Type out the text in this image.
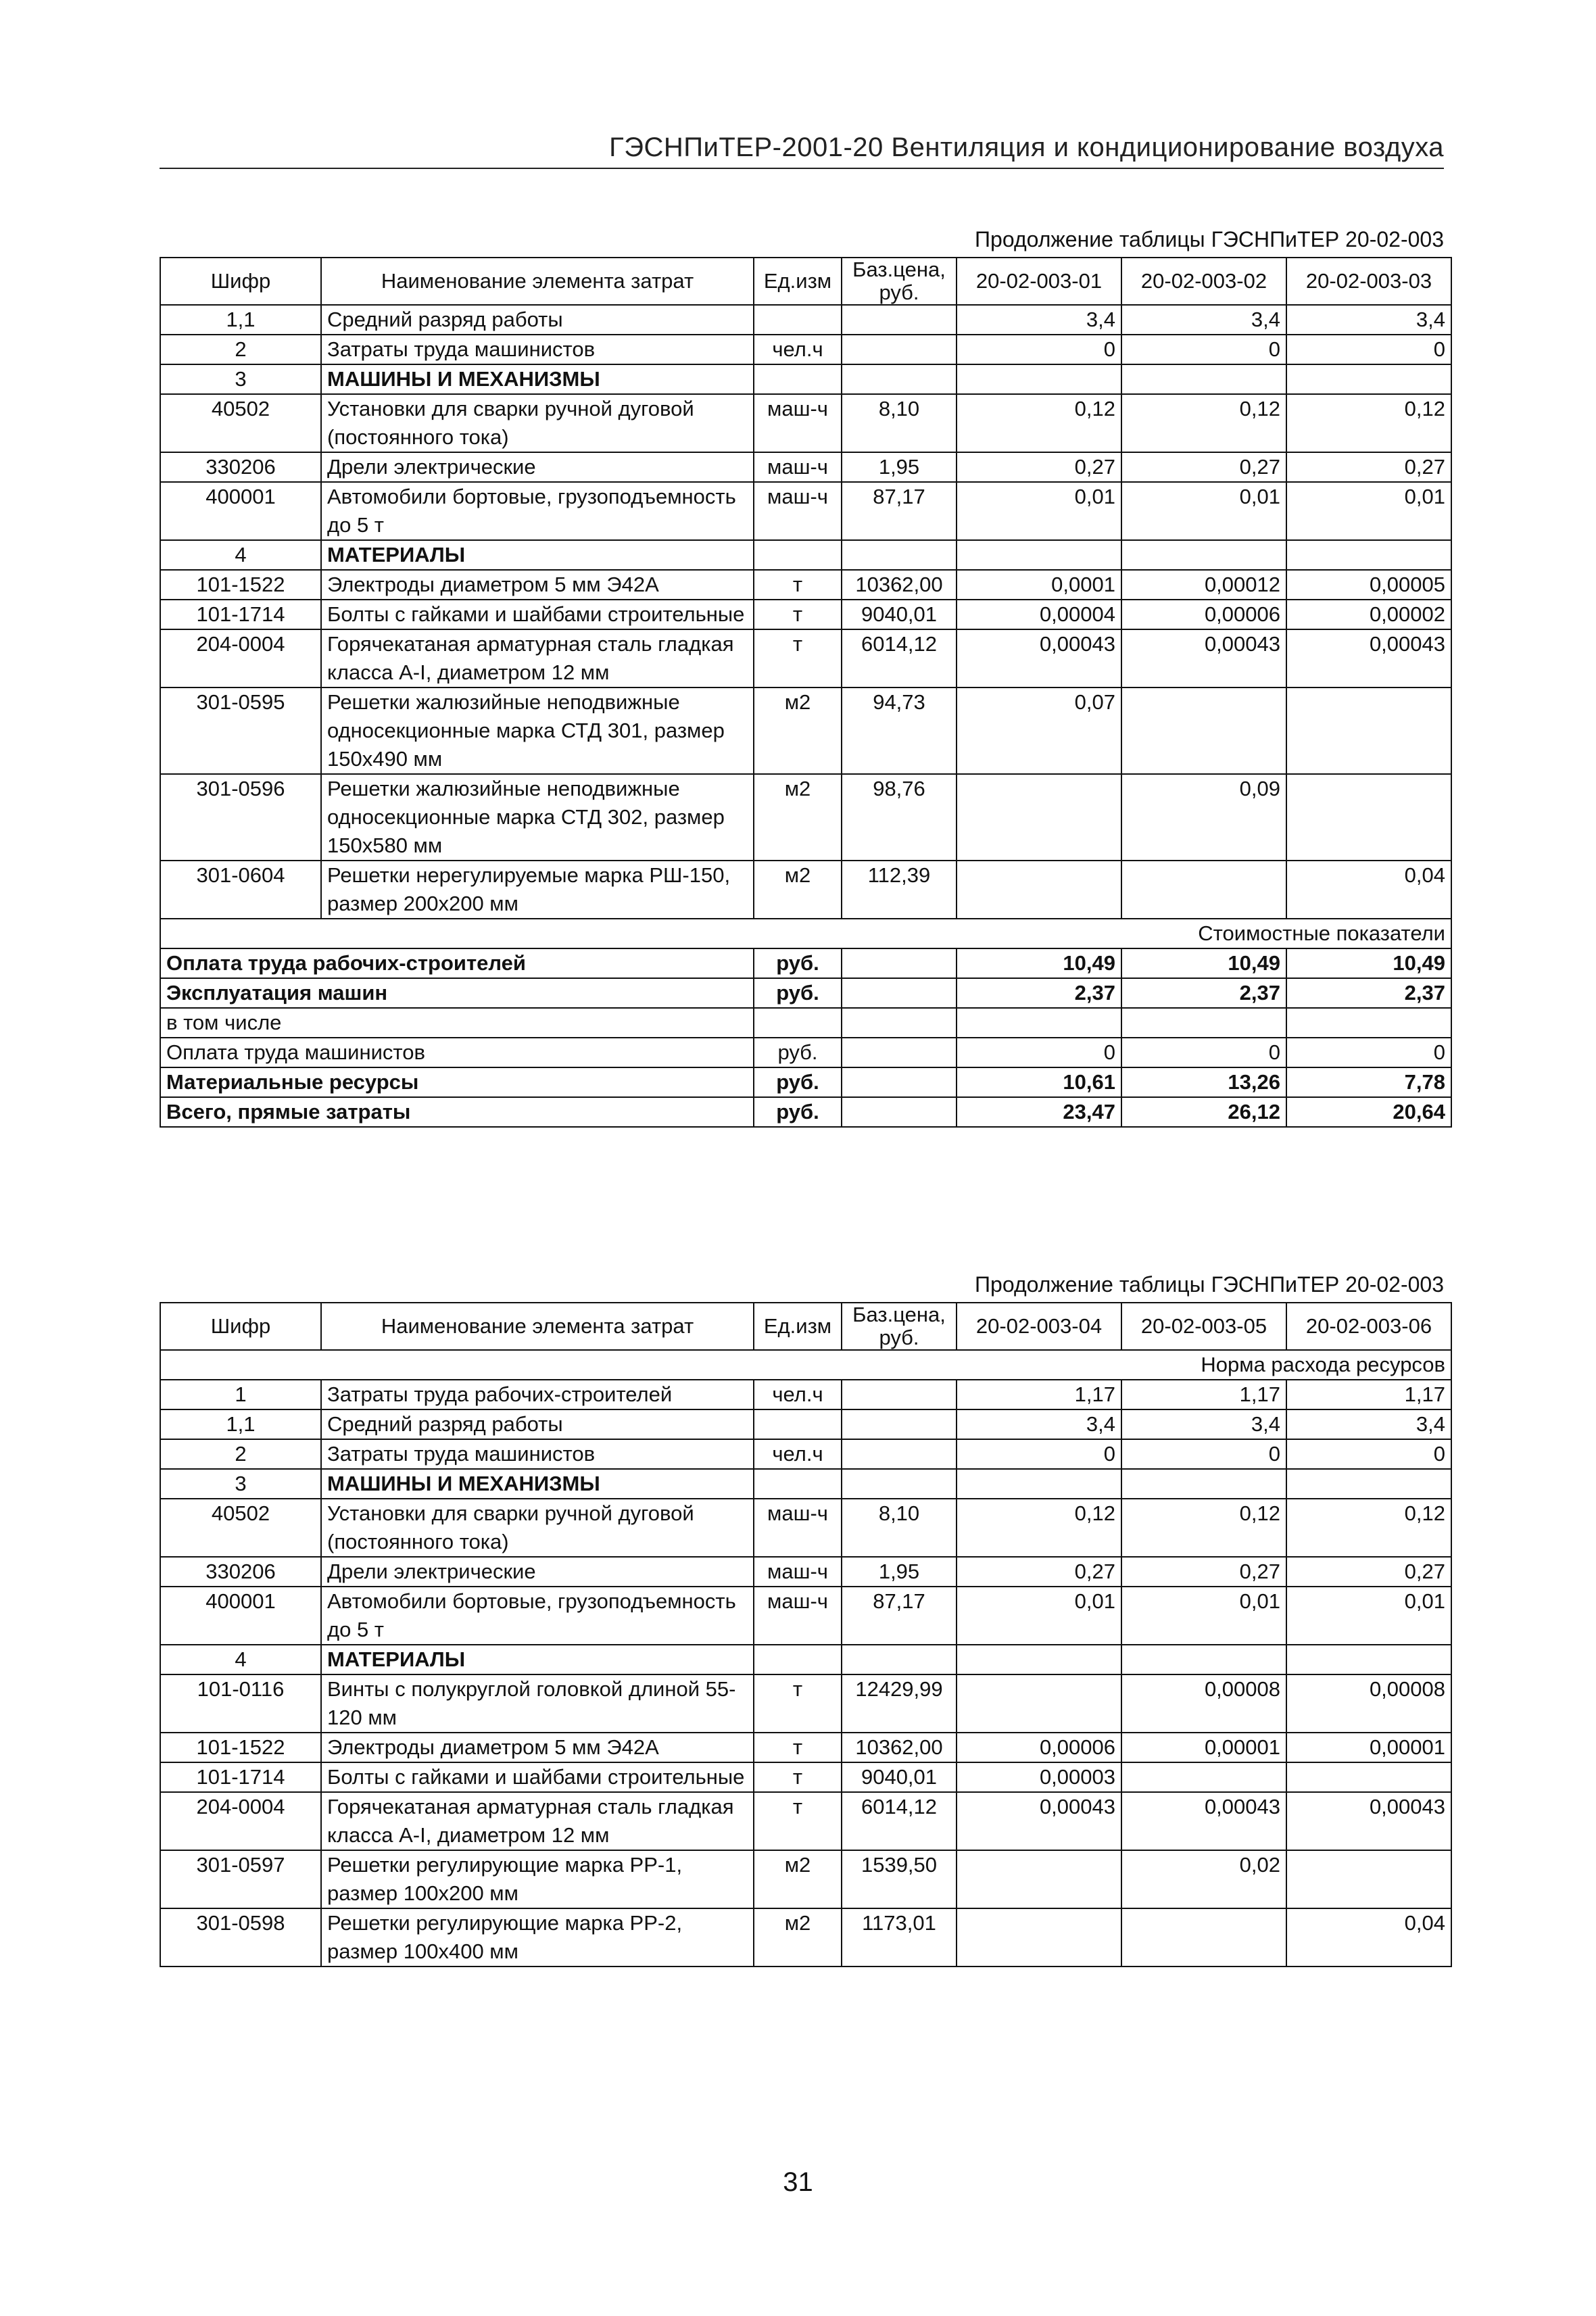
ГЭСНПиТЕР-2001-20 Вентиляция и кондиционирование воздуха
Продолжение таблицы ГЭСНПиТЕР 20-02-003
Шифр	Наименование элемента затрат	Ед.изм	Баз.цена, руб.	20-02-003-01	20-02-003-02	20-02-003-03
1,1	Средний разряд работы			3,4	3,4	3,4
2	Затраты труда машинистов	чел.ч		0	0	0
3	МАШИНЫ И МЕХАНИЗМЫ					
40502	Установки для сварки ручной дуговой (постоянного тока)	маш-ч	8,10	0,12	0,12	0,12
330206	Дрели электрические	маш-ч	1,95	0,27	0,27	0,27
400001	Автомобили бортовые, грузоподъемность до 5 т	маш-ч	87,17	0,01	0,01	0,01
4	МАТЕРИАЛЫ					
101-1522	Электроды диаметром 5 мм Э42А	т	10362,00	0,0001	0,00012	0,00005
101-1714	Болты с гайками и шайбами строительные	т	9040,01	0,00004	0,00006	0,00002
204-0004	Горячекатаная арматурная сталь гладкая класса А-I, диаметром 12 мм	т	6014,12	0,00043	0,00043	0,00043
301-0595	Решетки жалюзийные неподвижные односекционные марка СТД 301, размер 150х490 мм	м2	94,73	0,07		
301-0596	Решетки жалюзийные неподвижные односекционные марка СТД 302, размер 150х580 мм	м2	98,76		0,09	
301-0604	Решетки нерегулируемые марка РШ-150, размер 200х200 мм	м2	112,39			0,04
Стоимостные показатели						
Оплата труда рабочих-строителей		руб.		10,49	10,49	10,49
Эксплуатация машин		руб.		2,37	2,37	2,37
в том числе						
Оплата труда машинистов		руб.		0	0	0
Материальные ресурсы		руб.		10,61	13,26	7,78
Всего, прямые затраты		руб.		23,47	26,12	20,64
Продолжение таблицы ГЭСНПиТЕР 20-02-003
Шифр	Наименование элемента затрат	Ед.изм	Баз.цена, руб.	20-02-003-04	20-02-003-05	20-02-003-06
Норма расхода ресурсов						
1	Затраты труда рабочих-строителей	чел.ч		1,17	1,17	1,17
1,1	Средний разряд работы			3,4	3,4	3,4
2	Затраты труда машинистов	чел.ч		0	0	0
3	МАШИНЫ И МЕХАНИЗМЫ					
40502	Установки для сварки ручной дуговой (постоянного тока)	маш-ч	8,10	0,12	0,12	0,12
330206	Дрели электрические	маш-ч	1,95	0,27	0,27	0,27
400001	Автомобили бортовые, грузоподъемность до 5 т	маш-ч	87,17	0,01	0,01	0,01
4	МАТЕРИАЛЫ					
101-0116	Винты с полукруглой головкой длиной 55-120 мм	т	12429,99		0,00008	0,00008
101-1522	Электроды диаметром 5 мм Э42А	т	10362,00	0,00006	0,00001	0,00001
101-1714	Болты с гайками и шайбами строительные	т	9040,01	0,00003		
204-0004	Горячекатаная арматурная сталь гладкая класса А-I, диаметром 12 мм	т	6014,12	0,00043	0,00043	0,00043
301-0597	Решетки регулирующие марка РР-1, размер 100х200 мм	м2	1539,50		0,02	
301-0598	Решетки регулирующие марка РР-2, размер 100х400 мм	м2	1173,01			0,04
31
